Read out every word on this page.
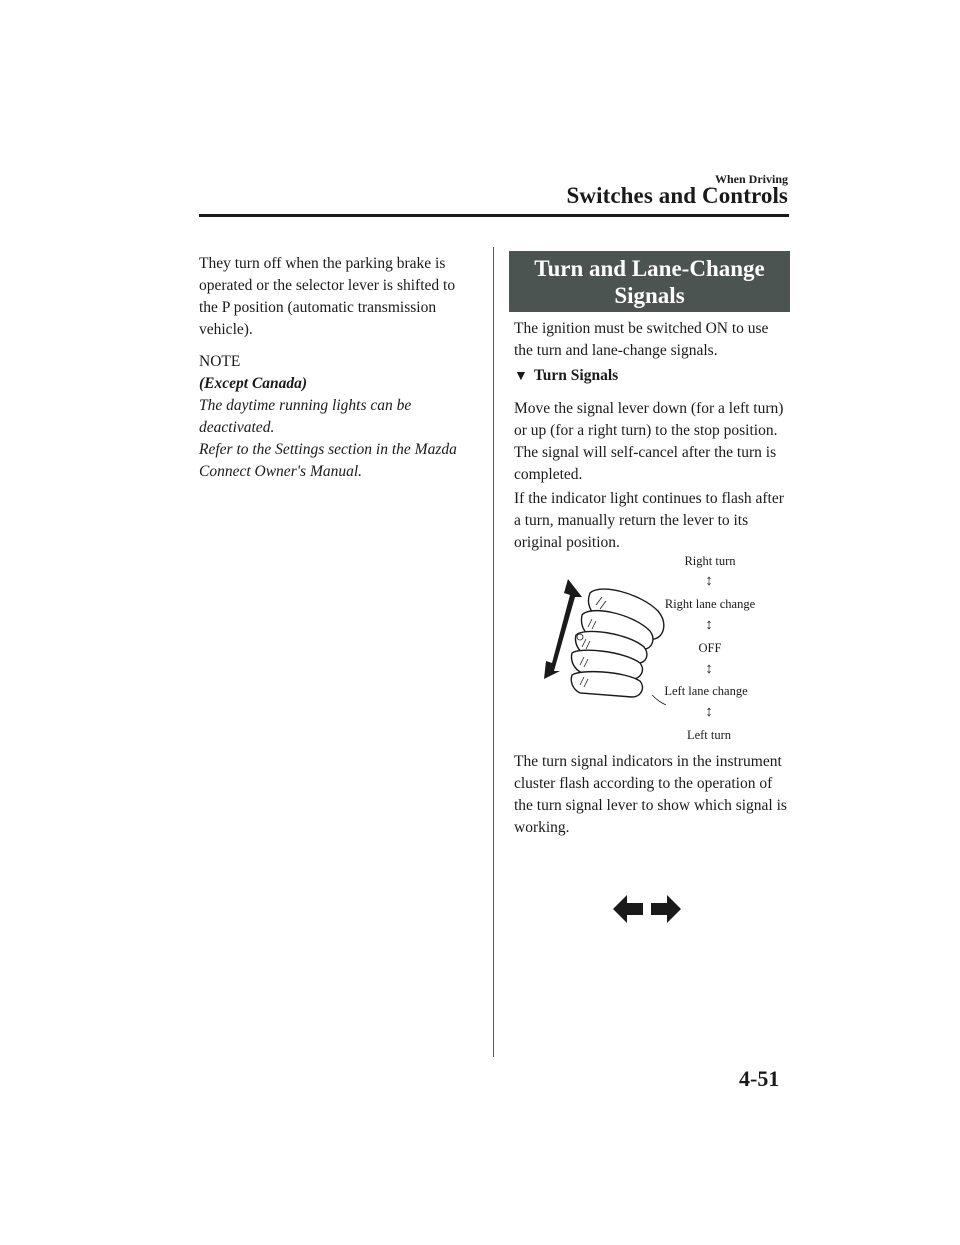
When Driving
Switches and Controls

They turn off when the parking brake is operated or the selector lever is shifted to the P position (automatic transmission vehicle).

NOTE
(Except Canada)
The daytime running lights can be deactivated.
Refer to the Settings section in the Mazda Connect Owner's Manual.
Turn and Lane-Change
Signals

The ignition must be switched ON to use the turn and lane-change signals.

▼ Turn Signals

Move the signal lever down (for a left turn) or up (for a right turn) to the stop position. The signal will self-cancel after the turn is completed.

If the indicator light continues to flash after a turn, manually return the lever to its original position.

Right turn
↕
Right lane change
↕
OFF
↕
Left lane change
↕
Left turn

The turn signal indicators in the instrument cluster flash according to the operation of the turn signal lever to show which signal is working.

4-51
